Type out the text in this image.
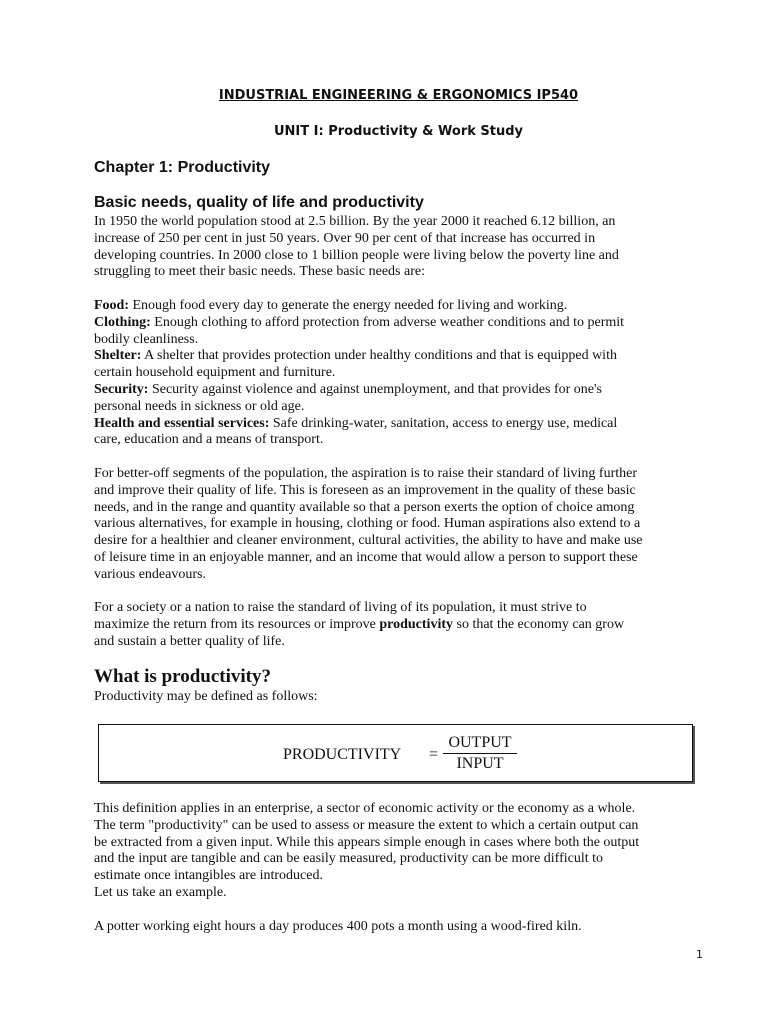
INDUSTRIAL ENGINEERING & ERGONOMICS IP540
UNIT I: Productivity & Work Study
Chapter 1: Productivity
Basic needs, quality of life and productivity

In 1950 the world population stood at 2.5 billion. By the year 2000 it reached 6.12 billion, an
increase of 250 per cent in just 50 years. Over 90 per cent of that increase has occurred in
developing countries. In 2000 close to 1 billion people were living below the poverty line and
struggling to meet their basic needs. These basic needs are:

Food: Enough food every day to generate the energy needed for living and working.
Clothing: Enough clothing to afford protection from adverse weather conditions and to permit
bodily cleanliness.
Shelter: A shelter that provides protection under healthy conditions and that is equipped with
certain household equipment and furniture.
Security: Security against violence and against unemployment, and that provides for one's
personal needs in sickness or old age.
Health and essential services: Safe drinking-water, sanitation, access to energy use, medical
care, education and a means of transport.

For better-off segments of the population, the aspiration is to raise their standard of living further
and improve their quality of life. This is foreseen as an improvement in the quality of these basic
needs, and in the range and quantity available so that a person exerts the option of choice among
various alternatives, for example in housing, clothing or food. Human aspirations also extend to a
desire for a healthier and cleaner environment, cultural activities, the ability to have and make use
of leisure time in an enjoyable manner, and an income that would allow a person to support these
various endeavours.

For a society or a nation to raise the standard of living of its population, it must strive to
maximize the return from its resources or improve productivity so that the economy can grow
and sustain a better quality of life.

What is productivity?

Productivity may be defined as follows:

PRODUCTIVITY =
OUTPUT
INPUT

This definition applies in an enterprise, a sector of economic activity or the economy as a whole.
The term "productivity" can be used to assess or measure the extent to which a certain output can
be extracted from a given input. While this appears simple enough in cases where both the output
and the input are tangible and can be easily measured, productivity can be more difficult to
estimate once intangibles are introduced.
Let us take an example.

A potter working eight hours a day produces 400 pots a month using a wood-fired kiln.

1
